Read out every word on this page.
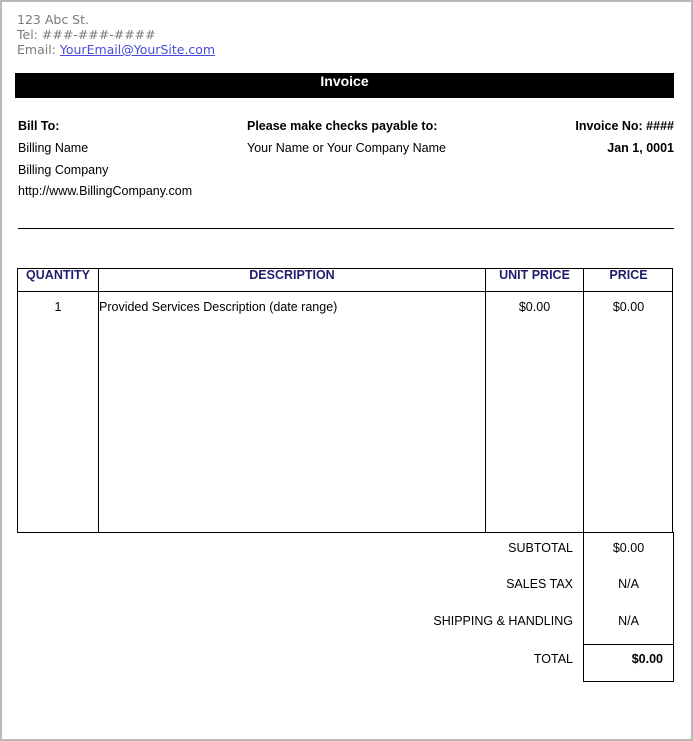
123 Abc St.
Tel: ###-###-####
Email: YourEmail@YourSite.com
Invoice
Bill To:
Billing Name
Billing Company
http://www.BillingCompany.com
Please make checks payable to:
Your Name or Your Company Name
Invoice No: ####
Jan 1, 0001
QUANTITY	DESCRIPTION	UNIT PRICE	PRICE
1	Provided Services Description (date range)	$0.00	$0.00
SUBTOTAL	$0.00
SALES TAX	N/A
SHIPPING & HANDLING	N/A
TOTAL	$0.00
